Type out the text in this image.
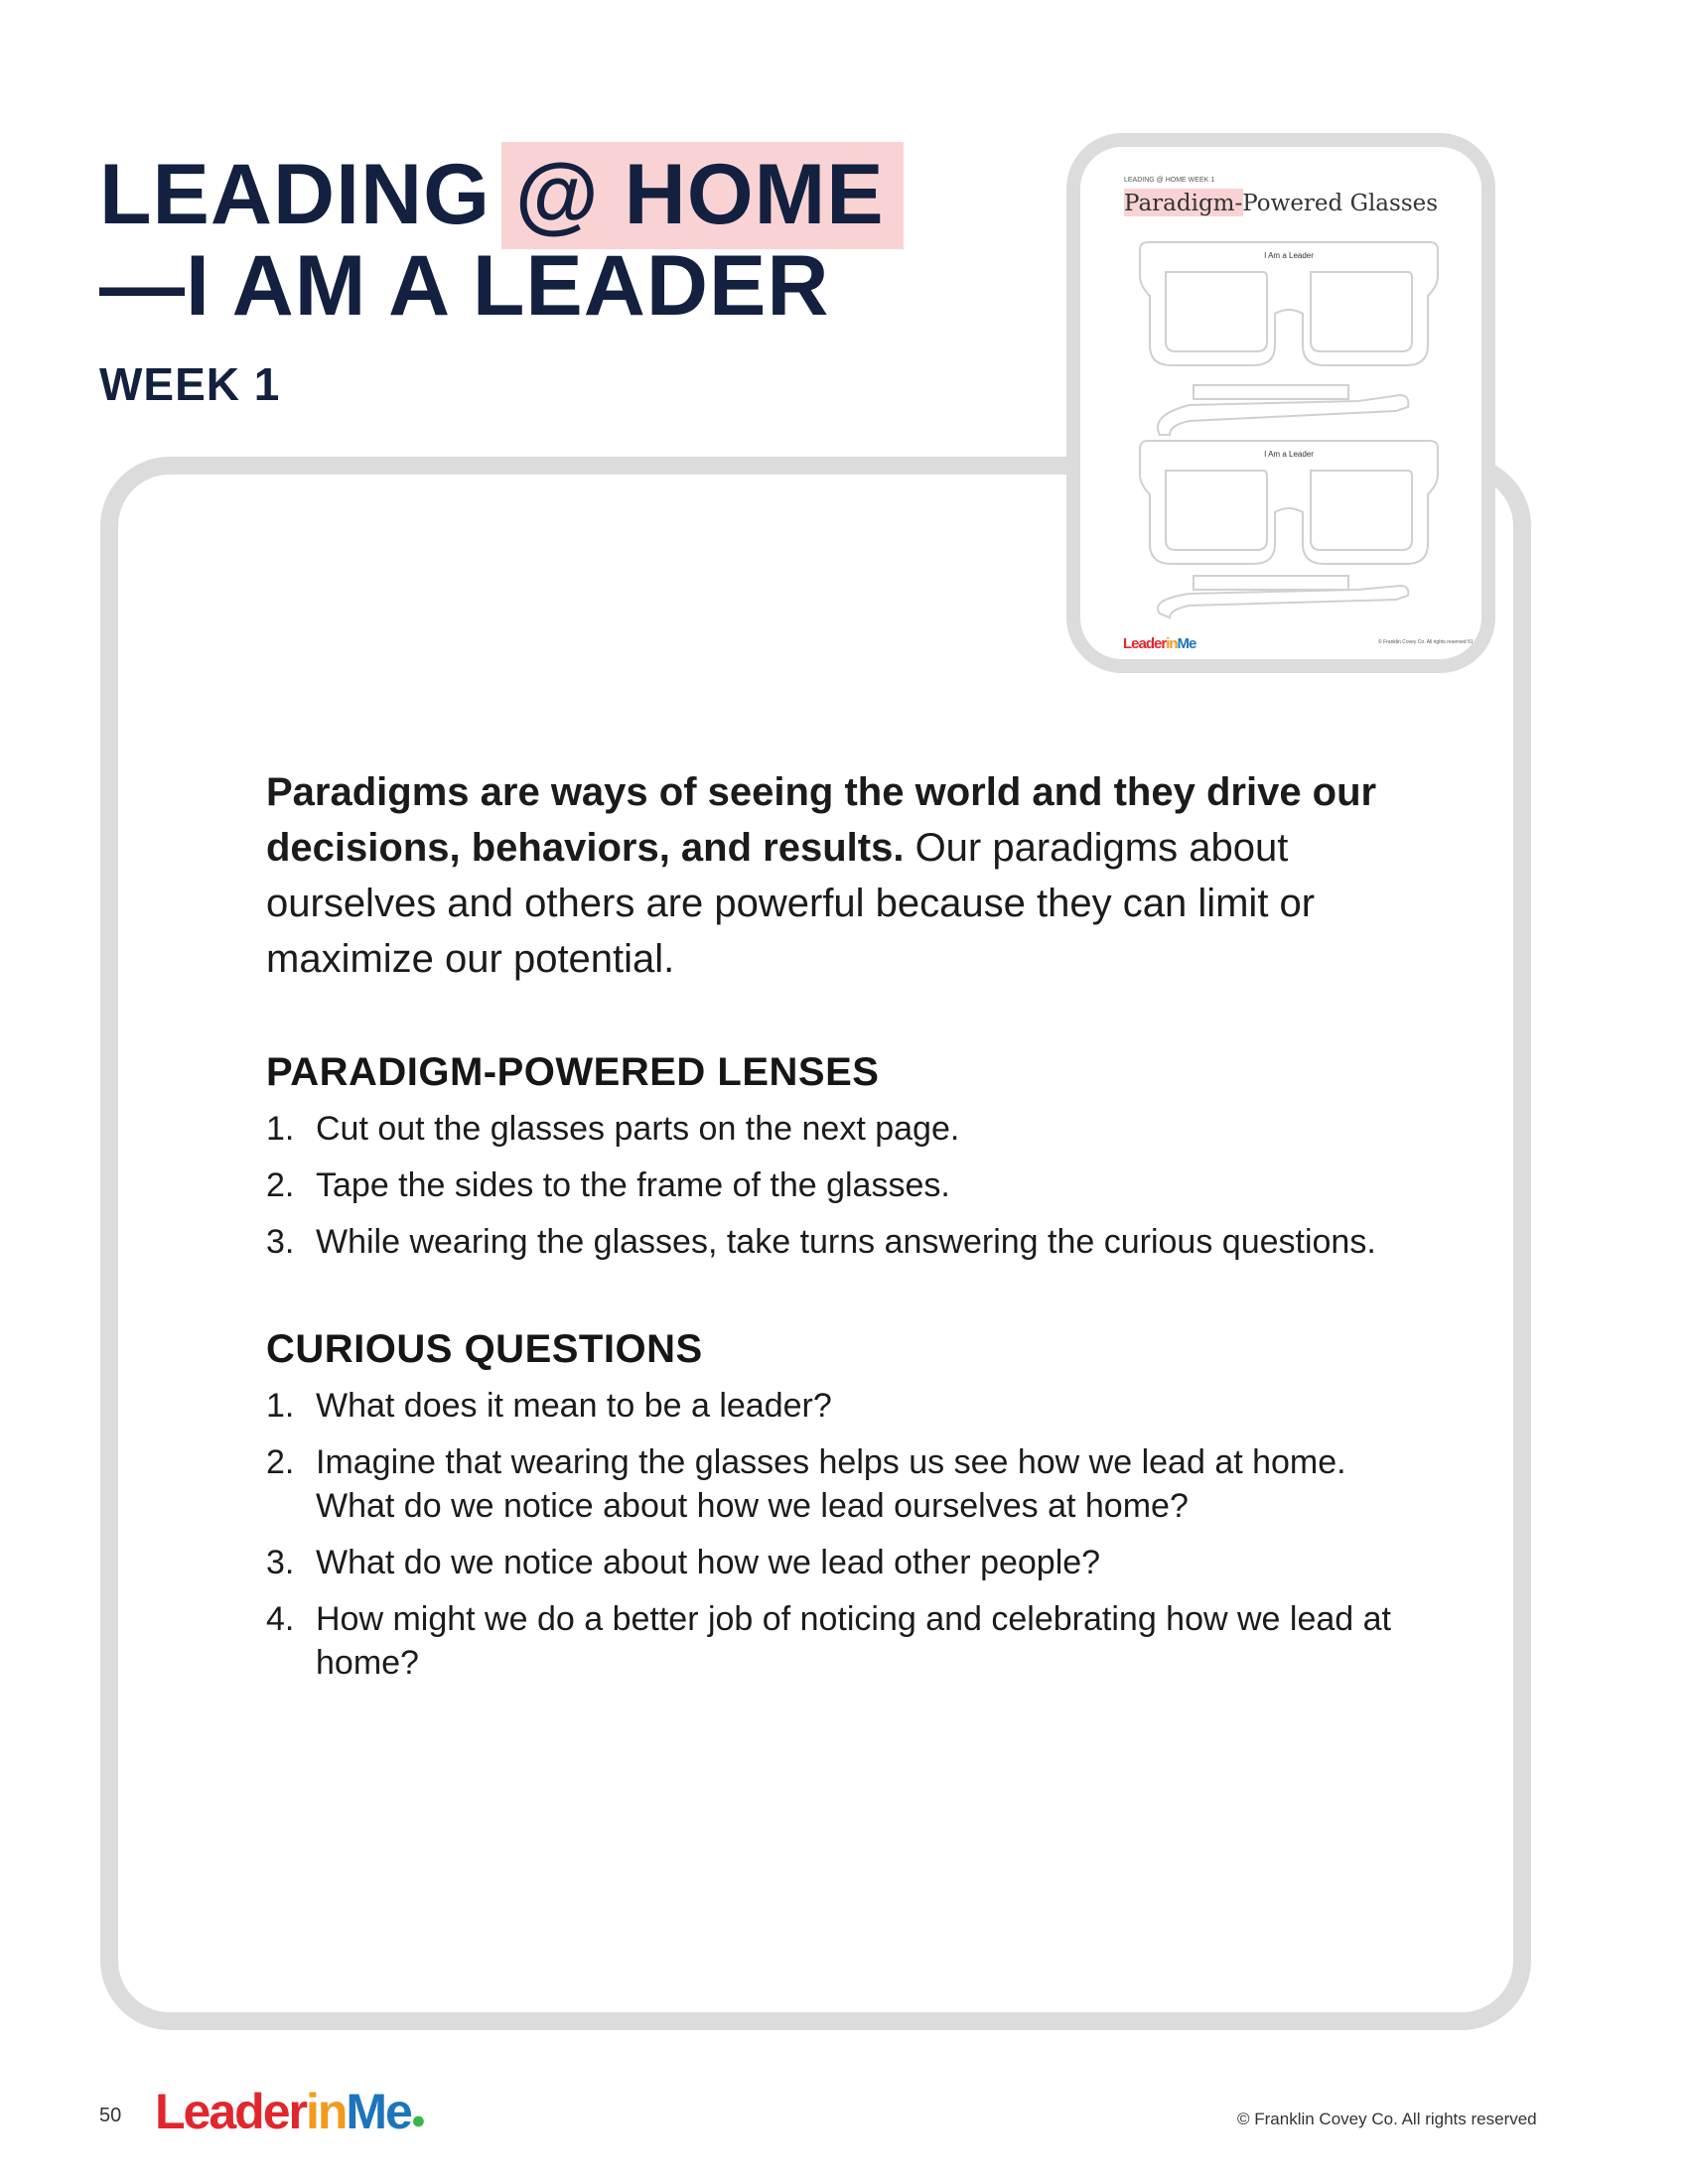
LEADING @ HOME
—I AM A LEADER
WEEK 1
LEADING @ HOME WEEK 1
Paradigm-Powered Glasses
I Am a Leader
I Am a Leader
LeaderinMe	© Franklin Covey Co. All rights reserved 51

Paradigms are ways of seeing the world and they drive our decisions, behaviors, and results. Our paradigms about ourselves and others are powerful because they can limit or maximize our potential.

PARADIGM-POWERED LENSES
1. Cut out the glasses parts on the next page.
2. Tape the sides to the frame of the glasses.
3. While wearing the glasses, take turns answering the curious questions.
CURIOUS QUESTIONS
1. What does it mean to be a leader?
2. Imagine that wearing the glasses helps us see how we lead at home. What do we notice about how we lead ourselves at home?
3. What do we notice about how we lead other people?
4. How might we do a better job of noticing and celebrating how we lead at home?
50 LeaderinMe●	© Franklin Covey Co. All rights reserved
